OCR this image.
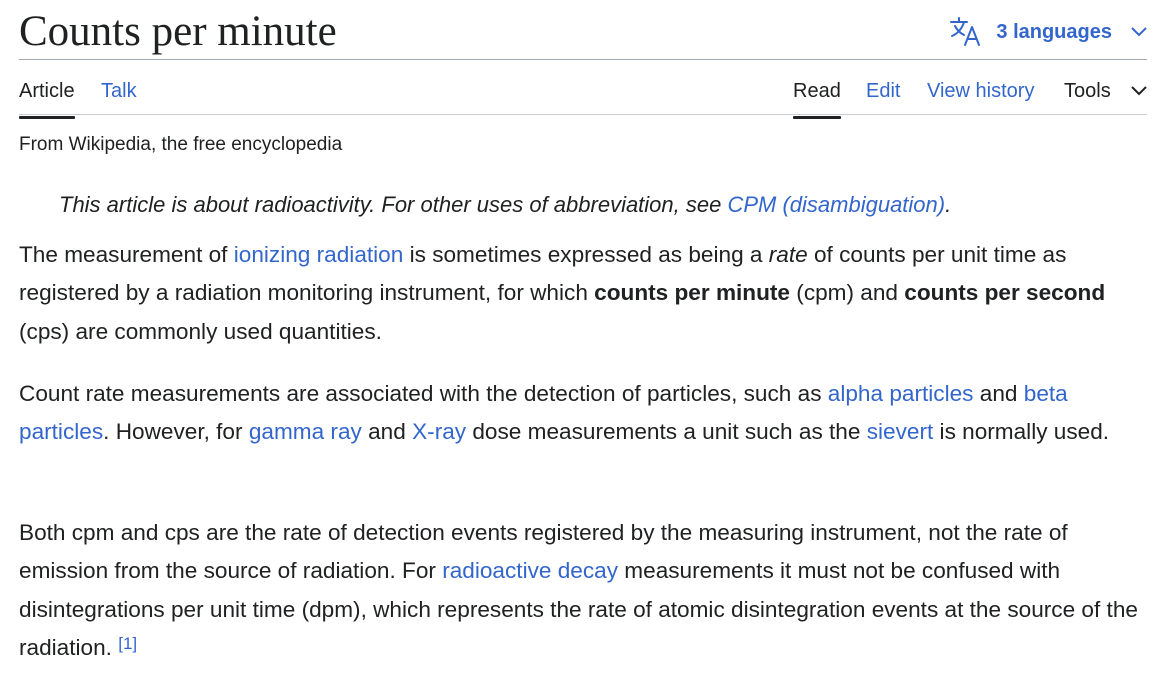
Counts per minute	3 languages
Article Talk	Read Edit View history Tools
From Wikipedia, the free encyclopedia
This article is about radioactivity. For other uses of abbreviation, see CPM (disambiguation).

The measurement of ionizing radiation is sometimes expressed as being a rate of counts per unit time as registered by a radiation monitoring instrument, for which counts per minute (cpm) and counts per second (cps) are commonly used quantities.

Count rate measurements are associated with the detection of particles, such as alpha particles and beta particles. However, for gamma ray and X-ray dose measurements a unit such as the sievert is normally used.

Both cpm and cps are the rate of detection events registered by the measuring instrument, not the rate of emission from the source of radiation. For radioactive decay measurements it must not be confused with disintegrations per unit time (dpm), which represents the rate of atomic disintegration events at the source of the radiation. [1]
